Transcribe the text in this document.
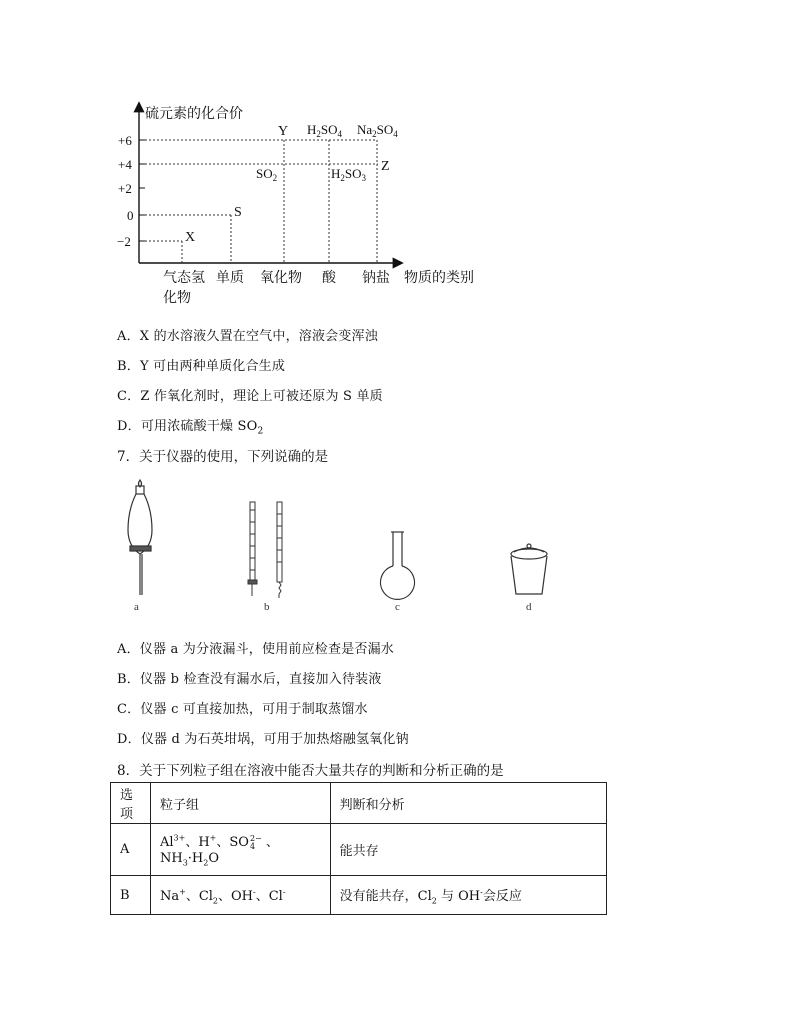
硫元素的化合价
+6
+4
+2
0
−2
气态氢
化物
单质 氧化物 酸 钠盐 物质的类别
X
S
Y
$SO_2$
$H_2SO_4$ $Na_2SO_4$
$H_2SO_3$
Z
A．X 的水溶液久置在空气中，溶液会变浑浊
B．Y 可由两种单质化合生成
C．Z 作氧化剂时，理论上可被还原为 S 单质
D．可用浓硫酸干燥 $SO_2$
7．关于仪器的使用，下列说确的是
a	b	c	d
A．仪器 a 为分液漏斗，使用前应检查是否漏水
B．仪器 b 检查没有漏水后，直接加入待装液
C．仪器 c 可直接加热，可用于制取蒸馏水
D．仪器 d 为石英坩埚，可用于加热熔融氢氧化钠
8．关于下列粒子组在溶液中能否大量共存的判断和分析正确的是
选项	粒子组	判断和分析
A	$Al^{3+}$、H+、SO 2−
4 、$NH_3\cdot H_2O$	能共存
B	Na+、$Cl_2$、OH-、Cl-	没有能共存，$Cl_2$ 与 OH-会反应
